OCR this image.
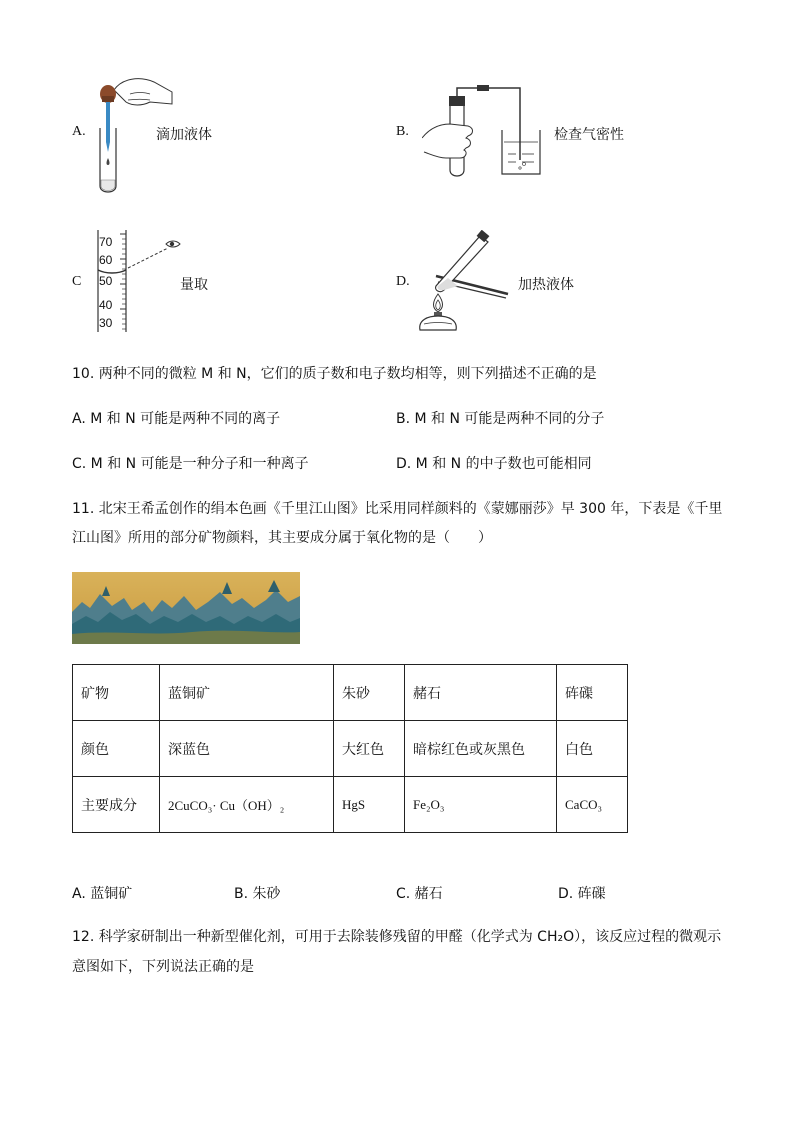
A.	滴加液体	B.	检查气密性
C
70
60
50
40
30
量取	D.	加热液体
10. 两种不同的微粒 M 和 N，它们的质子数和电子数均相等，则下列描述不正确的是
A. M 和 N 可能是两种不同的离子	B. M 和 N 可能是两种不同的分子
C. M 和 N 可能是一种分子和一种离子	D. M 和 N 的中子数也可能相同
11. 北宋王希孟创作的绢本色画《千里江山图》比采用同样颜料的《蒙娜丽莎》早 300 年，下表是《千里
江山图》所用的部分矿物颜料，其主要成分属于氧化物的是（　　）
矿物	蓝铜矿	朱砂	赭石	砗磲
颜色	深蓝色	大红色	暗棕红色或灰黑色	白色
主要成分	2CuCO₃· Cu（OH）₂	HgS	Fe₂O₃	CaCO₃
A. 蓝铜矿	B. 朱砂	C. 赭石	D. 砗磲
12. 科学家研制出一种新型催化剂，可用于去除装修残留的甲醛（化学式为 CH₂O），该反应过程的微观示
意图如下，下列说法正确的是
